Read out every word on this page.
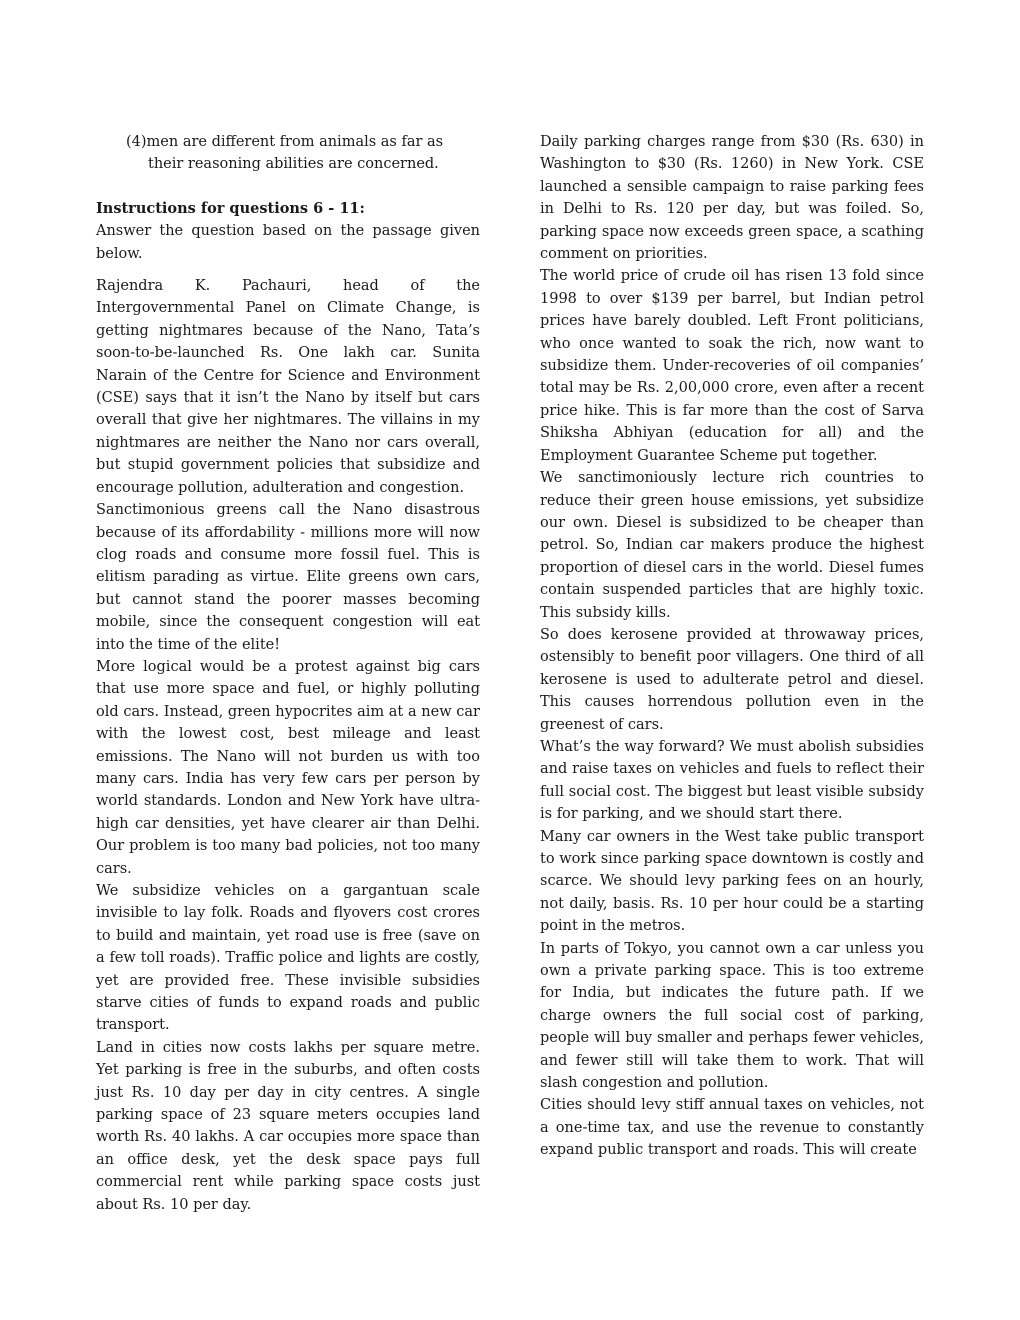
(4)men are different from animals as far as their reasoning abilities are concerned.

Instructions for questions 6 - 11:

Answer the question based on the passage given below.

Rajendra K. Pachauri, head of the Intergovernmental Panel on Climate Change, is getting nightmares because of the Nano, Tata’s soon-to-be-launched Rs. One lakh car. Sunita Narain of the Centre for Science and Environment (CSE) says that it isn’t the Nano by itself but cars overall that give her nightmares. The villains in my nightmares are neither the Nano nor cars overall, but stupid government policies that subsidize and encourage pollution, adulteration and congestion.

Sanctimonious greens call the Nano disastrous because of its affordability - millions more will now clog roads and consume more fossil fuel. This is elitism parading as virtue. Elite greens own cars, but cannot stand the poorer masses becoming mobile, since the consequent congestion will eat into the time of the elite!

More logical would be a protest against big cars that use more space and fuel, or highly polluting old cars. Instead, green hypocrites aim at a new car with the lowest cost, best mileage and least emissions. The Nano will not burden us with too many cars. India has very few cars per person by world standards. London and New York have ultra-high car densities, yet have clearer air than Delhi. Our problem is too many bad policies, not too many cars.

We subsidize vehicles on a gargantuan scale invisible to lay folk. Roads and flyovers cost crores to build and maintain, yet road use is free (save on a few toll roads). Traffic police and lights are costly, yet are provided free. These invisible subsidies starve cities of funds to expand roads and public transport.

Land in cities now costs lakhs per square metre. Yet parking is free in the suburbs, and often costs just Rs. 10 day per day in city centres. A single parking space of 23 square meters occupies land worth Rs. 40 lakhs. A car occupies more space than an office desk, yet the desk space pays full commercial rent while parking space costs just about Rs. 10 per day.

Daily parking charges range from $30 (Rs. 630) in Washington to $30 (Rs. 1260) in New York. CSE launched a sensible campaign to raise parking fees in Delhi to Rs. 120 per day, but was foiled. So, parking space now exceeds green space, a scathing comment on priorities.

The world price of crude oil has risen 13 fold since 1998 to over $139 per barrel, but Indian petrol prices have barely doubled. Left Front politicians, who once wanted to soak the rich, now want to subsidize them. Under-recoveries of oil companies’ total may be Rs. 2,00,000 crore, even after a recent price hike. This is far more than the cost of Sarva Shiksha Abhiyan (education for all) and the Employment Guarantee Scheme put together.

We sanctimoniously lecture rich countries to reduce their green house emissions, yet subsidize our own. Diesel is subsidized to be cheaper than petrol. So, Indian car makers produce the highest proportion of diesel cars in the world. Diesel fumes contain suspended particles that are highly toxic. This subsidy kills.

So does kerosene provided at throwaway prices, ostensibly to benefit poor villagers. One third of all kerosene is used to adulterate petrol and diesel. This causes horrendous pollution even in the greenest of cars.

What’s the way forward? We must abolish subsidies and raise taxes on vehicles and fuels to reflect their full social cost. The biggest but least visible subsidy is for parking, and we should start there.

Many car owners in the West take public transport to work since parking space downtown is costly and scarce. We should levy parking fees on an hourly, not daily, basis. Rs. 10 per hour could be a starting point in the metros.

In parts of Tokyo, you cannot own a car unless you own a private parking space. This is too extreme for India, but indicates the future path. If we charge owners the full social cost of parking, people will buy smaller and perhaps fewer vehicles, and fewer still will take them to work. That will slash congestion and pollution.

Cities should levy stiff annual taxes on vehicles, not a one-time tax, and use the revenue to constantly expand public transport and roads. This will create
